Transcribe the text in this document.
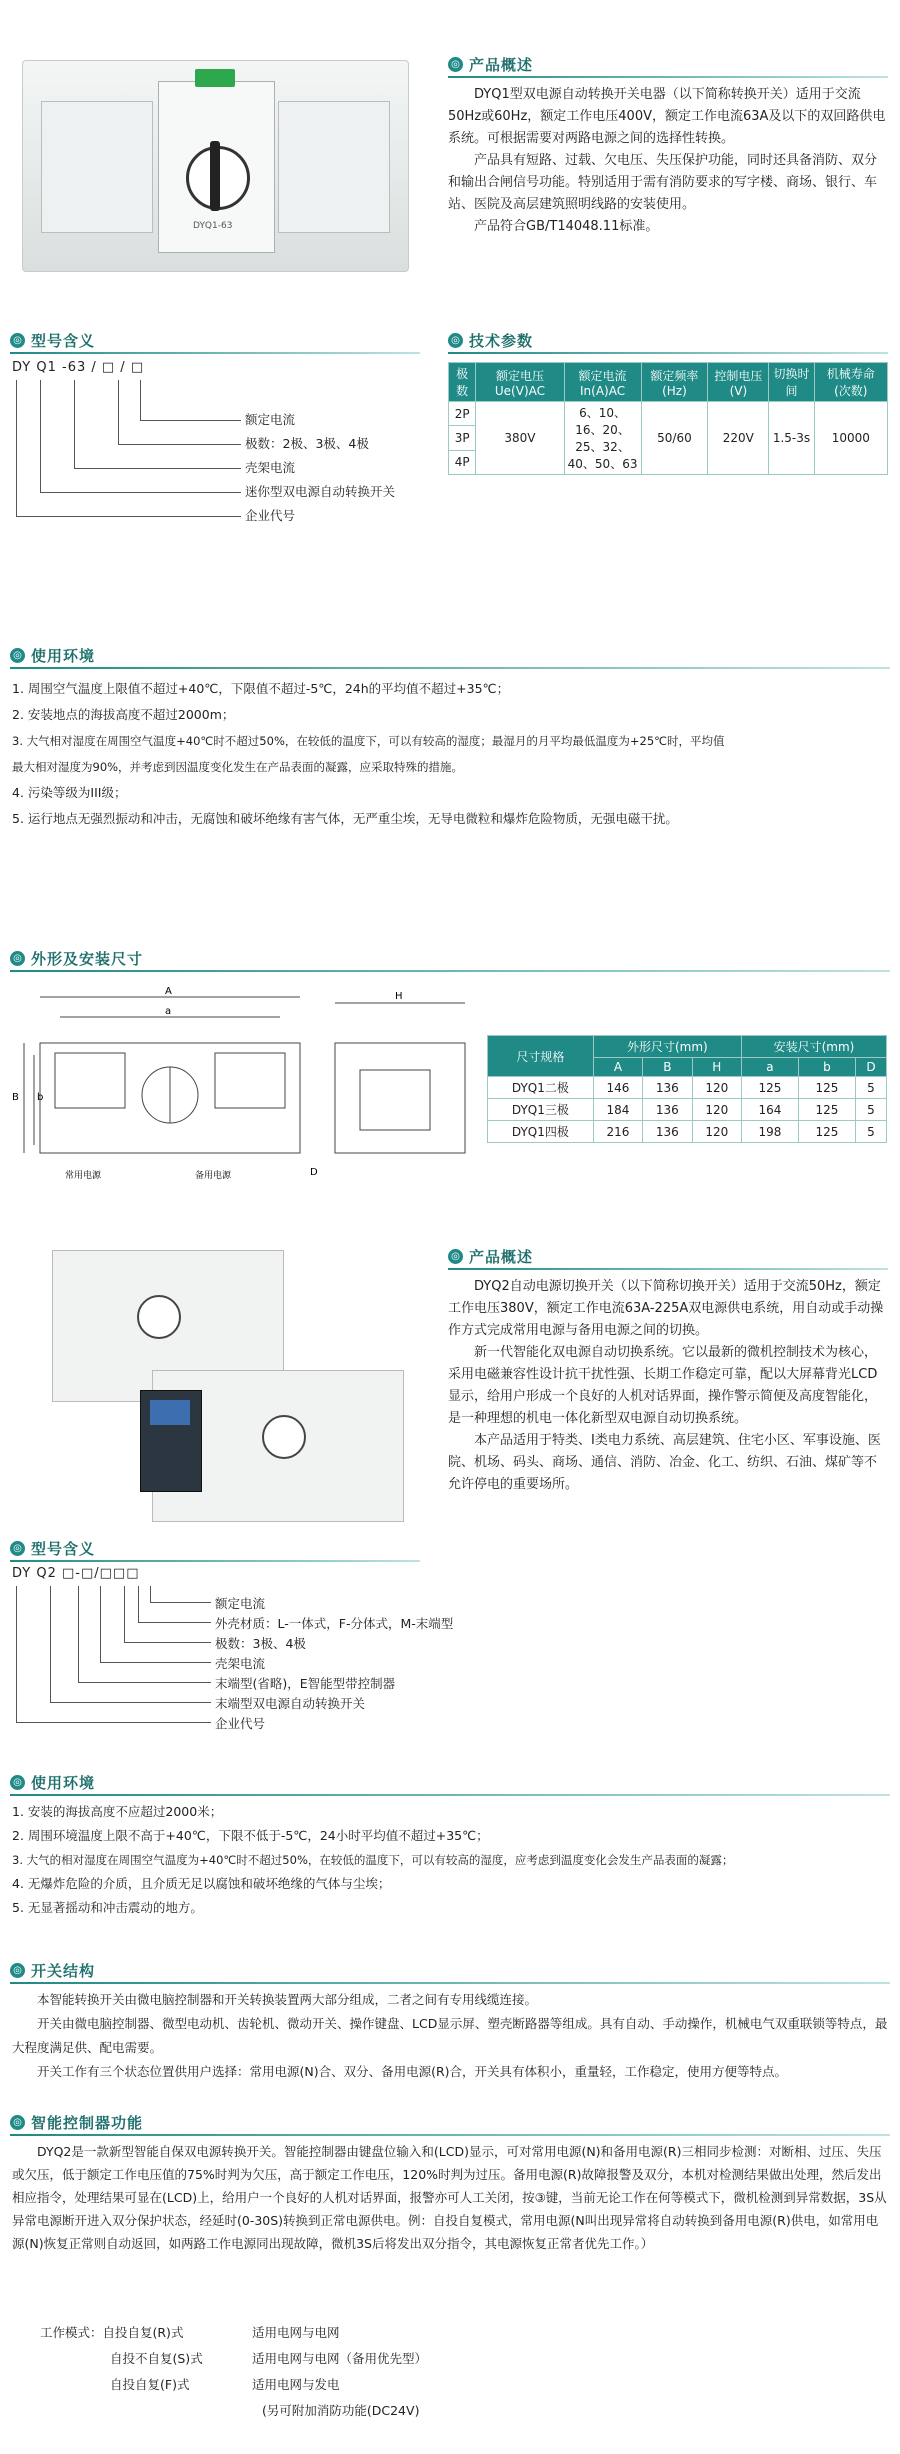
DYQ1-63
◎ 产品概述

DYQ1型双电源自动转换开关电器（以下简称转换开关）适用于交流50Hz或60Hz，额定工作电压400V，额定工作电流63A及以下的双回路供电系统。可根据需要对两路电源之间的选择性转换。

产品具有短路、过载、欠电压、失压保护功能，同时还具备消防、双分和输出合闸信号功能。特别适用于需有消防要求的写字楼、商场、银行、车站、医院及高层建筑照明线路的安装使用。

产品符合GB/T14048.11标准。

◎ 型号含义
DY Q1 -63 / □ / □
额定电流
极数：2极、3极、4极
壳架电流
迷你型双电源自动转换开关
企业代号
◎ 技术参数
极数	额定电压 Ue(V)AC	额定电流 In(A)AC	额定频率 (Hz)	控制电压 (V)	切换时间	机械寿命 (次数)
2P	380V	6、10、16、20、25、32、40、50、63	50/60	220V	1.5-3s	10000
3P						
4P						
◎ 使用环境
1. 周围空气温度上限值不超过+40℃，下限值不超过-5℃，24h的平均值不超过+35℃；
2. 安装地点的海拔高度不超过2000m；
3. 大气相对湿度在周围空气温度+40℃时不超过50%，在较低的温度下，可以有较高的湿度；最湿月的月平均最低温度为+25℃时，平均值
最大相对湿度为90%，并考虑到因温度变化发生在产品表面的凝露，应采取特殊的措施。
4. 污染等级为III级；
5. 运行地点无强烈振动和冲击，无腐蚀和破坏绝缘有害气体，无严重尘埃，无导电微粒和爆炸危险物质，无强电磁干扰。
◎ 外形及安装尺寸
A
a
B b
H
D
常用电源	备用电源
尺寸规格	外形尺寸(mm)			安装尺寸(mm)		
	A	B	H	a	b	D
DYQ1二极	146	136	120	125	125	5
DYQ1三极	184	136	120	164	125	5
DYQ1四极	216	136	120	198	125	5
◎ 产品概述

DYQ2自动电源切换开关（以下简称切换开关）适用于交流50Hz，额定工作电压380V，额定工作电流63A-225A双电源供电系统，用自动或手动操作方式完成常用电源与备用电源之间的切换。

新一代智能化双电源自动切换系统。它以最新的微机控制技术为核心，采用电磁兼容性设计抗干扰性强、长期工作稳定可靠，配以大屏幕背光LCD显示，给用户形成一个良好的人机对话界面，操作警示简便及高度智能化，是一种理想的机电一体化新型双电源自动切换系统。

本产品适用于特类、I类电力系统、高层建筑、住宅小区、军事设施、医院、机场、码头、商场、通信、消防、冶金、化工、纺织、石油、煤矿等不允许停电的重要场所。

◎ 型号含义
DY Q2 □-□/□□□
额定电流
外壳材质：L-一体式，F-分体式，M-末端型
极数：3极、4极
壳架电流
末端型(省略)，E智能型带控制器
末端型双电源自动转换开关
企业代号
◎ 使用环境
1. 安装的海拔高度不应超过2000米；
2. 周围环境温度上限不高于+40℃，下限不低于-5℃，24小时平均值不超过+35℃；
3. 大气的相对湿度在周围空气温度为+40℃时不超过50%，在较低的温度下，可以有较高的湿度，应考虑到温度变化会发生产品表面的凝露；
4. 无爆炸危险的介质，且介质无足以腐蚀和破坏绝缘的气体与尘埃；
5. 无显著摇动和冲击震动的地方。
◎ 开关结构

本智能转换开关由微电脑控制器和开关转换装置两大部分组成，二者之间有专用线缆连接。

开关由微电脑控制器、微型电动机、齿轮机、微动开关、操作键盘、LCD显示屏、塑壳断路器等组成。具有自动、手动操作，机械电气双重联锁等特点，最大程度满足供、配电需要。

开关工作有三个状态位置供用户选择：常用电源(N)合、双分、备用电源(R)合，开关具有体积小，重量轻，工作稳定，使用方便等特点。

◎ 智能控制器功能

DYQ2是一款新型智能自保双电源转换开关。智能控制器由键盘位输入和(LCD)显示，可对常用电源(N)和备用电源(R)三相同步检测：对断相、过压、失压或欠压，低于额定工作电压值的75%时判为欠压，高于额定工作电压，120%时判为过压。备用电源(R)故障报警及双分，本机对检测结果做出处理，然后发出相应指令，处理结果可显在(LCD)上，给用户一个良好的人机对话界面，报警亦可人工关闭，按③键，当前无论工作在何等模式下，微机检测到异常数据，3S从异常电源断开进入双分保护状态，经延时(0-30S)转换到正常电源供电。例：自投自复模式，常用电源(N叫出现异常将自动转换到备用电源(R)供电，如常用电源(N)恢复正常则自动返回，如两路工作电源同出现故障，微机3S后将发出双分指令，其电源恢复正常者优先工作。）

工作模式：自投自复(R)式	适用电网与电网
自投不自复(S)式	适用电网与电网（备用优先型）
自投自复(F)式	适用电网与发电
(另可附加消防功能(DC24V)
